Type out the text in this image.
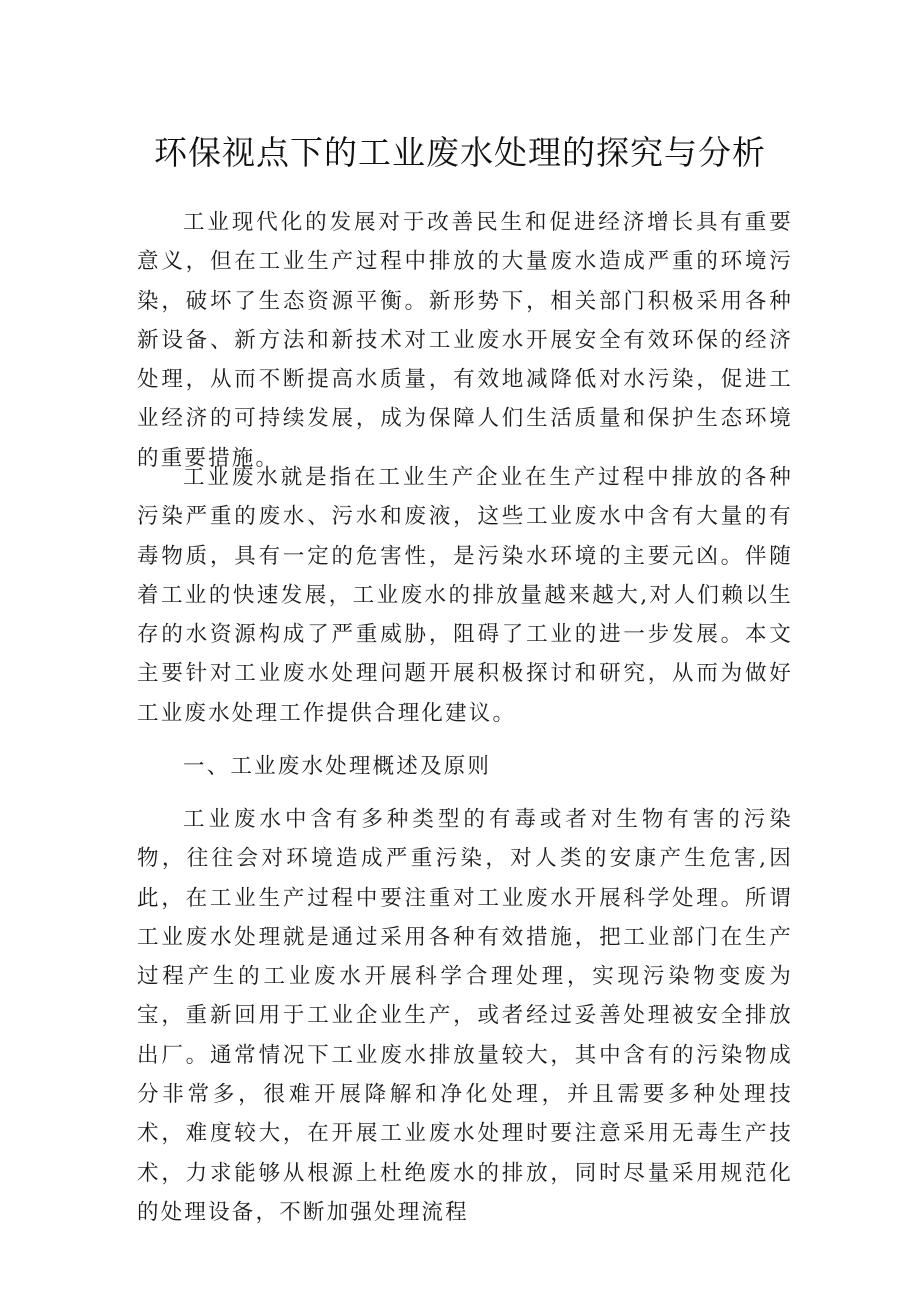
环保视点下的工业废水处理的探究与分析

工业现代化的发展对于改善民生和促进经济增长具有重要意义，但在工业生产过程中排放的大量废水造成严重的环境污染，破坏了生态资源平衡。新形势下，相关部门积极采用各种新设备、新方法和新技术对工业废水开展安全有效环保的经济处理，从而不断提高水质量，有效地减降低对水污染，促进工业经济的可持续发展，成为保障人们生活质量和保护生态环境的重要措施。

工业废水就是指在工业生产企业在生产过程中排放的各种污染严重的废水、污水和废液，这些工业废水中含有大量的有毒物质，具有一定的危害性，是污染水环境的主要元凶。伴随着工业的快速发展，工业废水的排放量越来越大,对人们赖以生存的水资源构成了严重威胁，阻碍了工业的进一步发展。本文主要针对工业废水处理问题开展积极探讨和研究，从而为做好工业废水处理工作提供合理化建议。

一、工业废水处理概述及原则

工业废水中含有多种类型的有毒或者对生物有害的污染物，往往会对环境造成严重污染，对人类的安康产生危害,因此，在工业生产过程中要注重对工业废水开展科学处理。所谓工业废水处理就是通过采用各种有效措施，把工业部门在生产过程产生的工业废水开展科学合理处理，实现污染物变废为宝，重新回用于工业企业生产，或者经过妥善处理被安全排放出厂。通常情况下工业废水排放量较大，其中含有的污染物成分非常多，很难开展降解和净化处理，并且需要多种处理技术，难度较大，在开展工业废水处理时要注意采用无毒生产技术，力求能够从根源上杜绝废水的排放，同时尽量采用规范化的处理设备，不断加强处理流程
